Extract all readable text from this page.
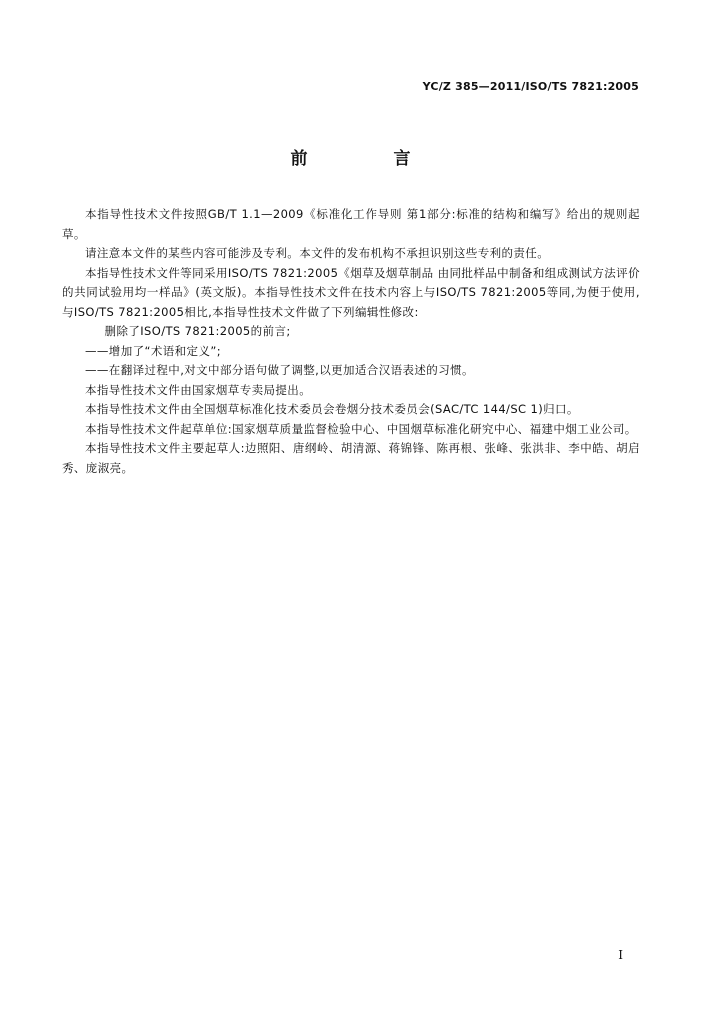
YC/Z 385—2011/ISO/TS 7821:2005
前 言

本指导性技术文件按照GB/T 1.1—2009《标准化工作导则 第1部分:标准的结构和编写》给出的规则起草。

请注意本文件的某些内容可能涉及专利。本文件的发布机构不承担识别这些专利的责任。

本指导性技术文件等同采用ISO/TS 7821:2005《烟草及烟草制品 由同批样品中制备和组成测试方法评价的共同试验用均一样品》(英文版)。本指导性技术文件在技术内容上与ISO/TS 7821:2005等同,为便于使用,与ISO/TS 7821:2005相比,本指导性技术文件做了下列编辑性修改:

删除了ISO/TS 7821:2005的前言;

——增加了“术语和定义”;

——在翻译过程中,对文中部分语句做了调整,以更加适合汉语表述的习惯。

本指导性技术文件由国家烟草专卖局提出。

本指导性技术文件由全国烟草标准化技术委员会卷烟分技术委员会(SAC/TC 144/SC 1)归口。

本指导性技术文件起草单位:国家烟草质量监督检验中心、中国烟草标准化研究中心、福建中烟工业公司。

本指导性技术文件主要起草人:边照阳、唐纲岭、胡清源、蒋锦锋、陈再根、张峰、张洪非、李中皓、胡启秀、庞淑亮。

I
